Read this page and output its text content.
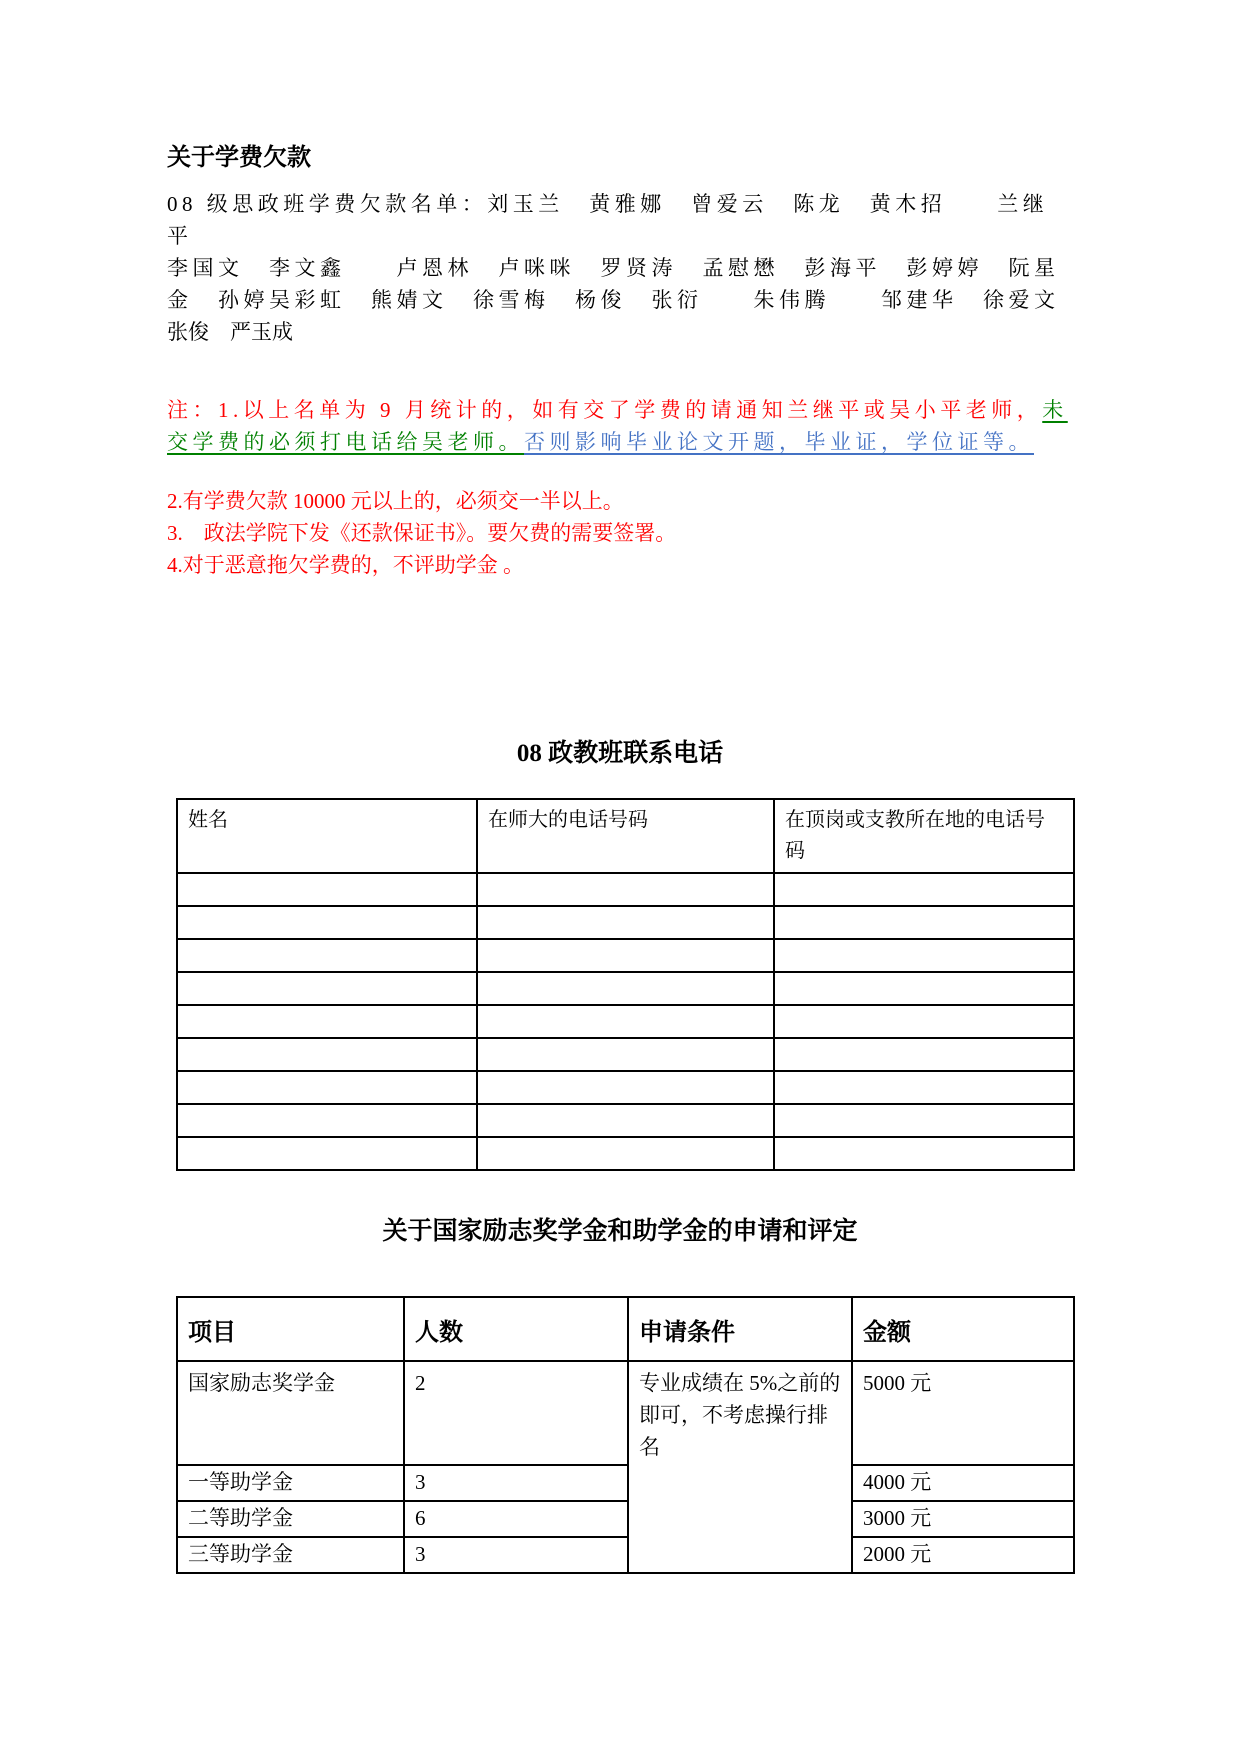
关于学费欠款
08 级思政班学费欠款名单：刘玉兰　黄雅娜　曾爱云　陈龙　黄木招　　兰继平
李国文　李文鑫　　卢恩林　卢咪咪　罗贤涛　孟慰懋　彭海平　彭婷婷　阮星
金　孙婷吴彩虹　熊婧文　徐雪梅　杨俊　张衍　　朱伟腾　　邹建华　徐爱文
张俊　严玉成
注：1.以上名单为 9 月统计的，如有交了学费的请通知兰继平或吴小平老师，未
交学费的必须打电话给吴老师。否则影响毕业论文开题，毕业证，学位证等。
2.有学费欠款 10000 元以上的，必须交一半以上。
3.　政法学院下发《还款保证书》。要欠费的需要签署。
4.对于恶意拖欠学费的，不评助学金 。
08 政教班联系电话
姓名	在师大的电话号码	在顶岗或支教所在地的电话号码

关于国家励志奖学金和助学金的申请和评定
项目	人数	申请条件	金额
国家励志奖学金	2	专业成绩在 5%之前的即可，不考虑操行排名	5000 元
一等助学金	3		4000 元
二等助学金	6		3000 元
三等助学金	3		2000 元
